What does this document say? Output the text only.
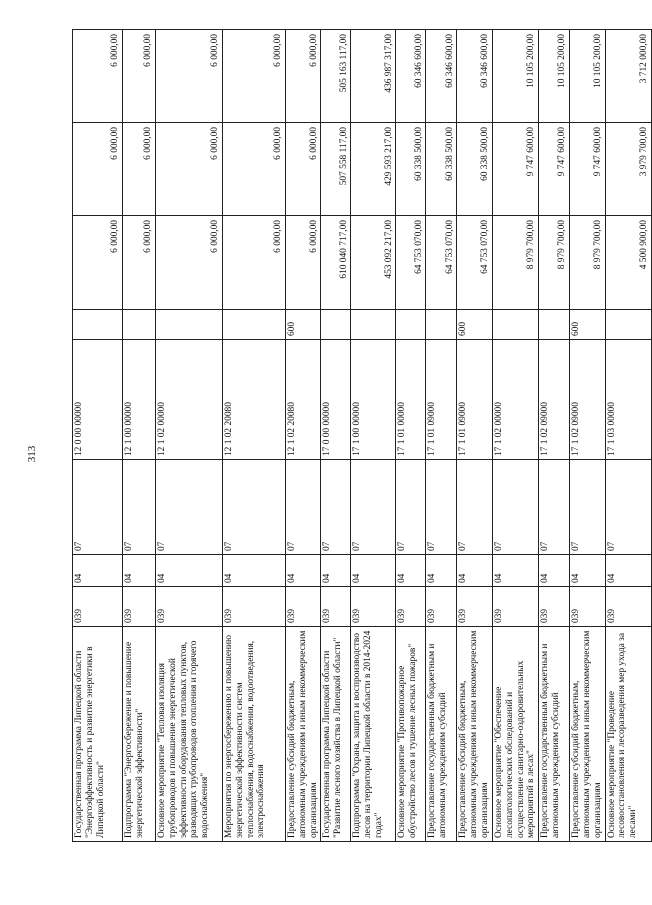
313
Государственная программа Липецкой области "Энергоэффективность и развитие энергетики в Липецкой области"	039	04	07	12 0 00 00000		6 000,00	6 000,00	6 000,00
Подпрограмма "Энергосбережение и повышение энергетической эффективности"	039	04	07	12 1 00 00000		6 000,00	6 000,00	6 000,00
Основное мероприятие "Тепловая изоляция трубопроводов и повышение энергетической эффективности оборудования тепловых пунктов, разводящих трубопроводов отопления и горячего водоснабжения"	039	04	07	12 1 02 00000		6 000,00	6 000,00	6 000,00
Мероприятия по энергосбережению и повышению энергетической эффективности систем теплоснабжения, водоснабжения, водоотведения, электроснабжения	039	04	07	12 1 02 20080		6 000,00	6 000,00	6 000,00
Предоставление субсидий бюджетным, автономным учреждениям и иным некоммерческим организациям	039	04	07	12 1 02 20080	600	6 000,00	6 000,00	6 000,00
Государственная программа Липецкой области "Развитие лесного хозяйства в Липецкой области"	039	04	07	17 0 00 00000		610 040 717,00	507 558 117,00	505 163 117,00
Подпрограмма "Охрана, защита и воспроизводство лесов на территории Липецкой области в 2014-2024 годах"	039	04	07	17 1 00 00000		453 092 217,00	429 593 217,00	436 987 317,00
Основное мероприятие "Противопожарное обустройство лесов и тушение лесных пожаров"	039	04	07	17 1 01 00000		64 753 070,00	60 338 500,00	60 346 600,00
Предоставление государственным бюджетным и автономным учреждениям субсидий	039	04	07	17 1 01 09000		64 753 070,00	60 338 500,00	60 346 600,00
Предоставление субсидий бюджетным, автономным учреждениям и иным некоммерческим организациям	039	04	07	17 1 01 09000	600	64 753 070,00	60 338 500,00	60 346 600,00
Основное мероприятие "Обеспечение лесопатологических обследований и осуществление санитарно-оздоровительных мероприятий в лесах"	039	04	07	17 1 02 00000		8 979 700,00	9 747 600,00	10 105 200,00
Предоставление государственным бюджетным и автономным учреждениям субсидий	039	04	07	17 1 02 09000		8 979 700,00	9 747 600,00	10 105 200,00
Предоставление субсидий бюджетным, автономным учреждениям и иным некоммерческим организациям	039	04	07	17 1 02 09000	600	8 979 700,00	9 747 600,00	10 105 200,00
Основное мероприятие "Проведение лесовосстановления и лесоразведения мер ухода за лесами"	039	04	07	17 1 03 00000		4 500 900,00	3 979 700,00	3 712 000,00
